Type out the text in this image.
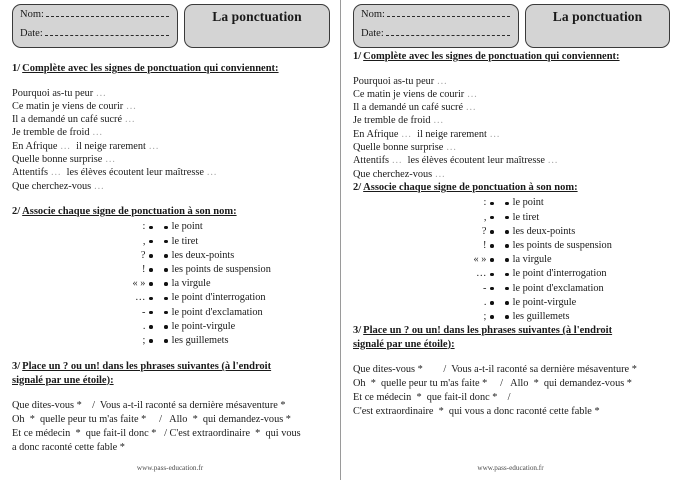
Nom:
Date:
La ponctuation
1/ Complète avec les signes de ponctuation qui conviennent:
Pourquoi as-tu peur …
Ce matin je viens de courir …
Il a demandé un café sucré …
Je tremble de froid …
En Afrique …  il neige rarement …
Quelle bonne surprise …
Attentifs …  les élèves écoutent leur maîtresse …
Que cherchez-vous …
2/ Associe chaque signe de ponctuation à son nom:
:
,
?
!
« »
…
-
.
;
le point
le tiret
les deux-points
les points de suspension
la virgule
le point d'interrogation
le point d'exclamation
le point-virgule
les guillemets
3/ Place un ? ou un! dans les phrases suivantes (à l'endroit
signalé par une étoile):
Que dites-vous *    /  Vous a-t-il raconté sa dernière mésaventure *
Oh  *  quelle peur tu m'as faite *     /   Allo  *  qui demandez-vous *
Et ce médecin  *  que fait-il donc *   / C'est extraordinaire  *  qui vous
a donc raconté cette fable *
www.pass-education.fr
Nom:
Date:
La ponctuation
1/ Complète avec les signes de ponctuation qui conviennent:
Pourquoi as-tu peur …
Ce matin je viens de courir …
Il a demandé un café sucré …
Je tremble de froid …
En Afrique …  il neige rarement …
Quelle bonne surprise …
Attentifs …  les élèves écoutent leur maîtresse …
Que cherchez-vous …
2/ Associe chaque signe de ponctuation à son nom:
:
,
?
!
« »
…
-
.
;
le point
le tiret
les deux-points
les points de suspension
la virgule
le point d'interrogation
le point d'exclamation
le point-virgule
les guillemets
3/ Place un ? ou un! dans les phrases suivantes (à l'endroit
signalé par une étoile):
Que dites-vous *        /  Vous a-t-il raconté sa dernière mésaventure *
Oh  *  quelle peur tu m'as faite *     /   Allo  *  qui demandez-vous *
Et ce médecin  *  que fait-il donc *    /
C'est extraordinaire  *  qui vous a donc raconté cette fable *
www.pass-education.fr
